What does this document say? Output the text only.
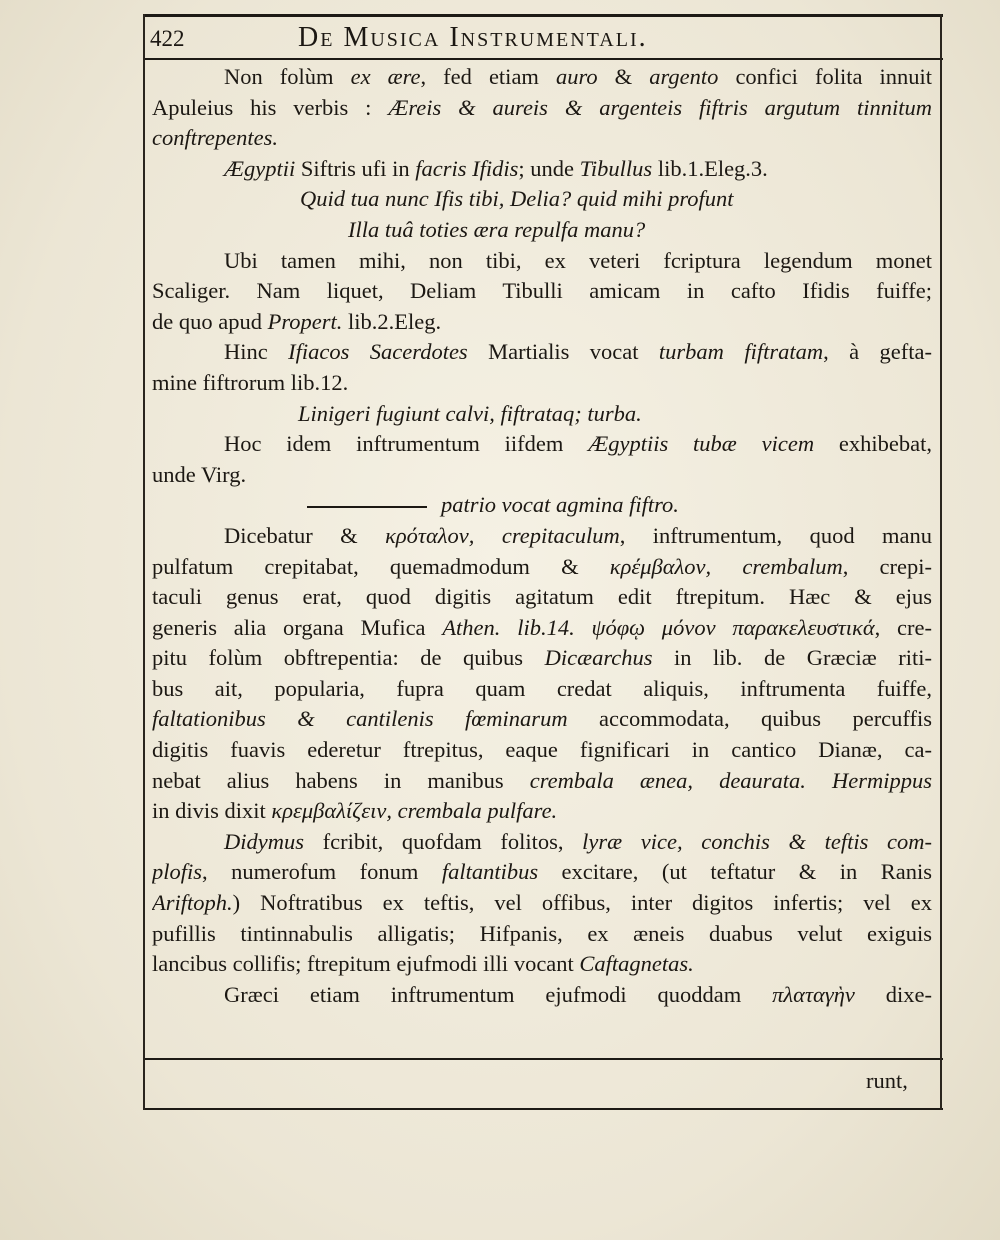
422	De Musica Instrumentali.
Non folùm ex ære, fed etiam auro & argento confici folita innuit
Apuleius his verbis : Æreis & aureis & argenteis fiftris argutum tinnitum
conftrepentes.
Ægyptii Siftris ufi in facris Ifidis; unde Tibullus lib.1.Eleg.3.
Quid tua nunc Ifis tibi, Delia? quid mihi profunt
Illa tuâ toties æra repulfa manu?
Ubi tamen mihi, non tibi, ex veteri fcriptura legendum monet
Scaliger. Nam liquet, Deliam Tibulli amicam in cafto Ifidis fuiffe;
de quo apud Propert. lib.2.Eleg.
Hinc Ifiacos Sacerdotes Martialis vocat turbam fiftratam, à gefta-
mine fiftrorum lib.12.
Linigeri fugiunt calvi, fiftrataq; turba.
Hoc idem inftrumentum iifdem Ægyptiis tubæ vicem exhibebat,
unde Virg.
patrio vocat agmina fiftro.
Dicebatur & κρόταλον, crepitaculum, inftrumentum, quod manu
pulfatum crepitabat, quemadmodum & κρέμβαλον, crembalum, crepi-
taculi genus erat, quod digitis agitatum edit ftrepitum. Hæc & ejus
generis alia organa Mufica Athen. lib.14. ψόφῳ μόνον παρακελευστικά, cre-
pitu folùm obftrepentia: de quibus Dicæarchus in lib. de Græciæ riti-
bus ait, popularia, fupra quam credat aliquis, inftrumenta fuiffe,
faltationibus & cantilenis fœminarum accommodata, quibus percuffis
digitis fuavis ederetur ftrepitus, eaque fignificari in cantico Dianæ, ca-
nebat alius habens in manibus crembala ænea, deaurata. Hermippus
in divis dixit κρεμβαλίζειν, crembala pulfare.
Didymus fcribit, quofdam folitos, lyræ vice, conchis & teftis com-
plofis, numerofum fonum faltantibus excitare, (ut teftatur & in Ranis
Ariftoph.) Noftratibus ex teftis, vel offibus, inter digitos infertis; vel ex
pufillis tintinnabulis alligatis; Hifpanis, ex æneis duabus velut exiguis
lancibus collifis; ftrepitum ejufmodi illi vocant Caftagnetas.
Græci etiam inftrumentum ejufmodi quoddam πλαταγὴν dixe-
runt,
